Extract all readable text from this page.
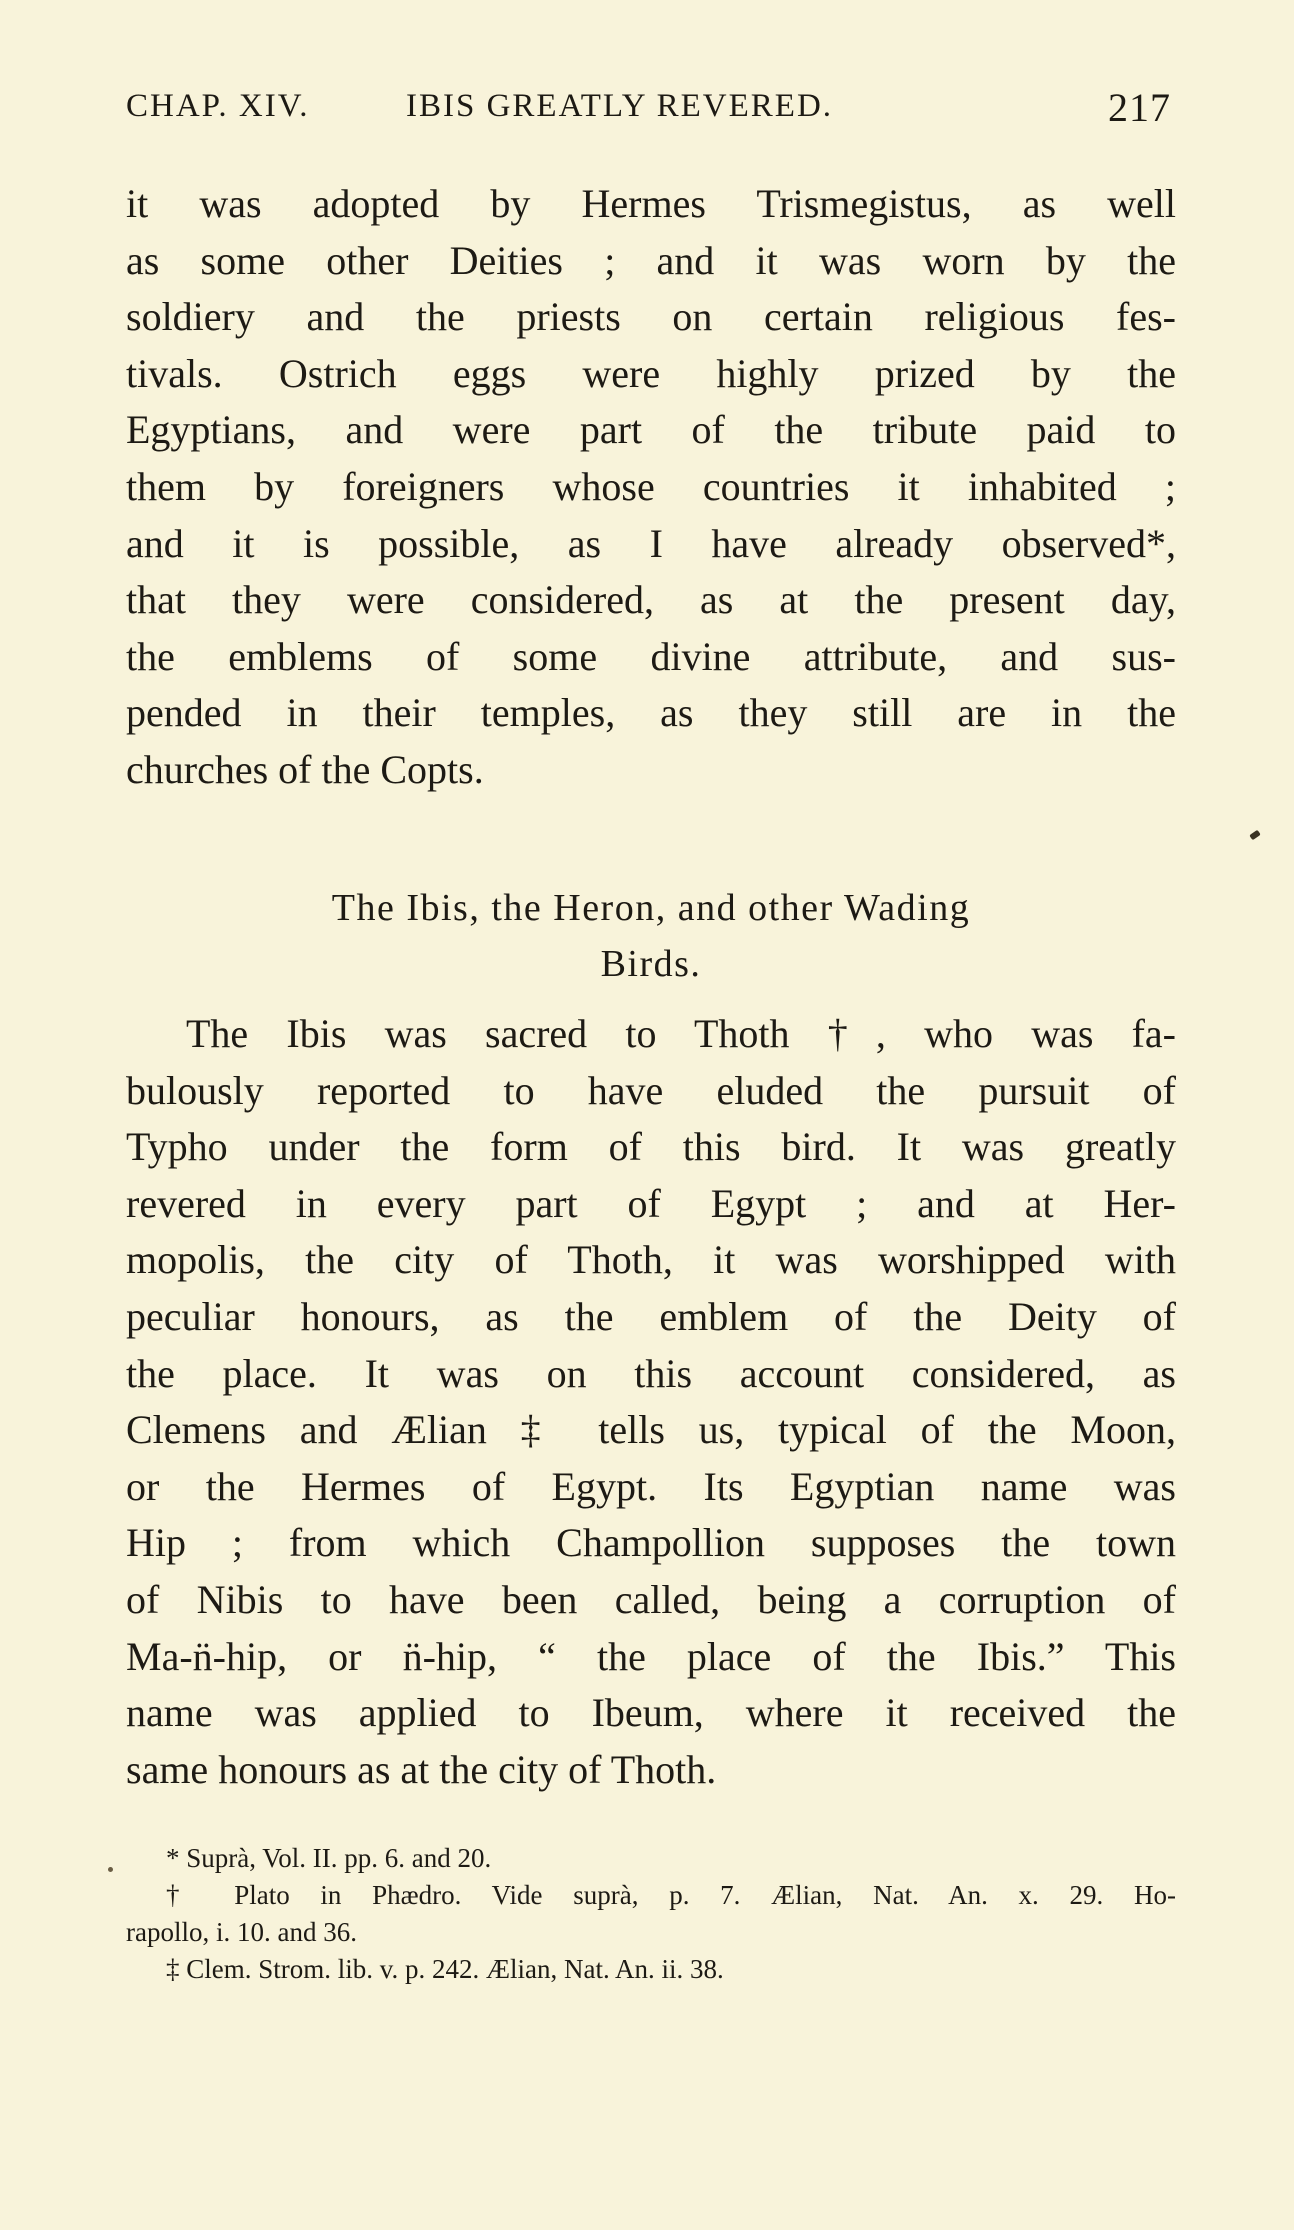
CHAP. XIV.	IBIS GREATLY REVERED.	217
it was adopted by Hermes Trismegistus, as well
as some other Deities ; and it was worn by the
soldiery and the priests on certain religious fes-
tivals. Ostrich eggs were highly prized by the
Egyptians, and were part of the tribute paid to
them by foreigners whose countries it inhabited ;
and it is possible, as I have already observed*,
that they were considered, as at the present day,
the emblems of some divine attribute, and sus-
pended in their temples, as they still are in the
churches of the Copts.
The Ibis, the Heron, and other Wading
Birds.
The Ibis was sacred to Thoth †, who was fa-
bulously reported to have eluded the pursuit of
Typho under the form of this bird. It was greatly
revered in every part of Egypt ; and at Her-
mopolis, the city of Thoth, it was worshipped with
peculiar honours, as the emblem of the Deity of
the place. It was on this account considered, as
Clemens and Ælian ‡ tells us, typical of the Moon,
or the Hermes of Egypt. Its Egyptian name was
Hip ; from which Champollion supposes the town
of Nibis to have been called, being a corruption of
Ma-n̈-hip, or n̈-hip, “ the place of the Ibis.” This
name was applied to Ibeum, where it received the
same honours as at the city of Thoth.
* Suprà, Vol. II. pp. 6. and 20.
† Plato in Phædro. Vide suprà, p. 7. Ælian, Nat. An. x. 29. Ho-
rapollo, i. 10. and 36.
‡ Clem. Strom. lib. v. p. 242. Ælian, Nat. An. ii. 38.
